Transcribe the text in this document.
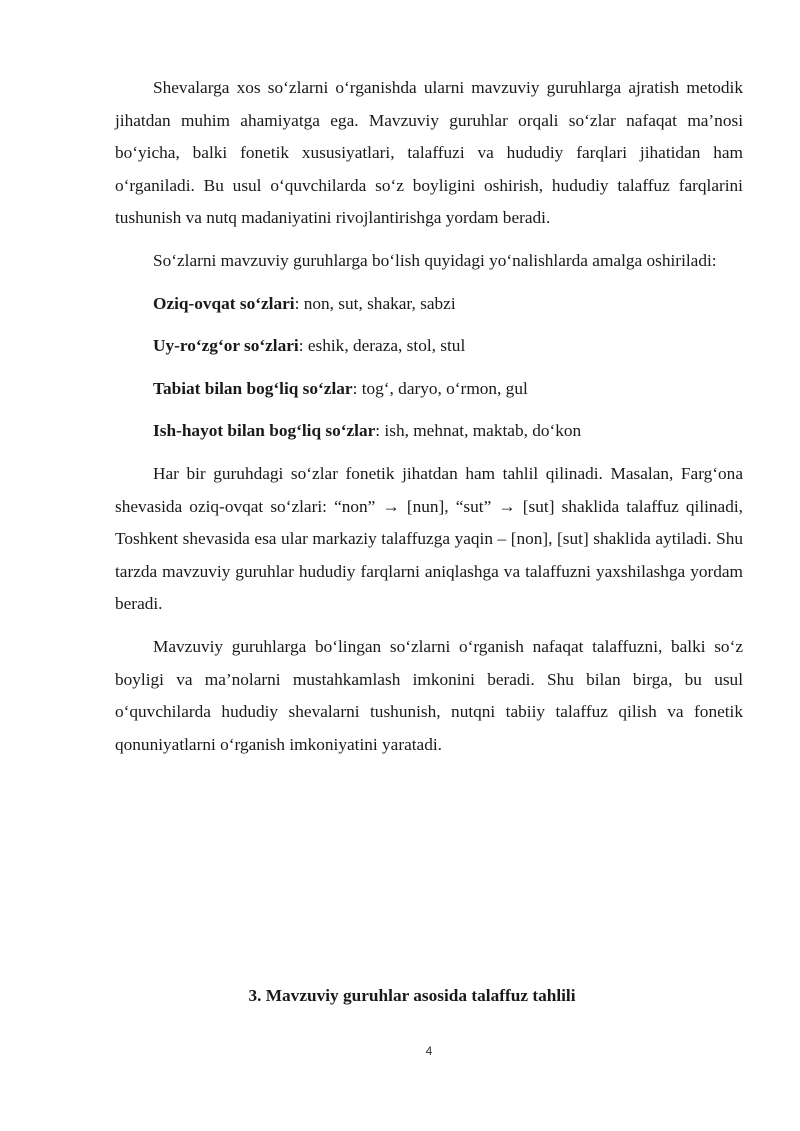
Shevalarga xos so‘zlarni o‘rganishda ularni mavzuviy guruhlarga ajratish metodik jihatdan muhim ahamiyatga ega. Mavzuviy guruhlar orqali so‘zlar nafaqat ma’nosi bo‘yicha, balki fonetik xususiyatlari, talaffuzi va hududiy farqlari jihatidan ham o‘rganiladi. Bu usul o‘quvchilarda so‘z boyligini oshirish, hududiy talaffuz farqlarini tushunish va nutq madaniyatini rivojlantirishga yordam beradi.

So‘zlarni mavzuviy guruhlarga bo‘lish quyidagi yo‘nalishlarda amalga oshiriladi:

Oziq-ovqat so‘zlari: non, sut, shakar, sabzi

Uy-ro‘zg‘or so‘zlari: eshik, deraza, stol, stul

Tabiat bilan bog‘liq so‘zlar: tog‘, daryo, o‘rmon, gul

Ish-hayot bilan bog‘liq so‘zlar: ish, mehnat, maktab, do‘kon

Har bir guruhdagi so‘zlar fonetik jihatdan ham tahlil qilinadi. Masalan, Farg‘ona shevasida oziq-ovqat so‘zlari: “non” → [nun], “sut” → [sut] shaklida talaffuz qilinadi, Toshkent shevasida esa ular markaziy talaffuzga yaqin – [non], [sut] shaklida aytiladi. Shu tarzda mavzuviy guruhlar hududiy farqlarni aniqlashga va talaffuzni yaxshilashga yordam beradi.

Mavzuviy guruhlarga bo‘lingan so‘zlarni o‘rganish nafaqat talaffuzni, balki so‘z boyligi va ma’nolarni mustahkamlash imkonini beradi. Shu bilan birga, bu usul o‘quvchilarda hududiy shevalarni tushunish, nutqni tabiiy talaffuz qilish va fonetik qonuniyatlarni o‘rganish imkoniyatini yaratadi.

3. Mavzuviy guruhlar asosida talaffuz tahlili
4
